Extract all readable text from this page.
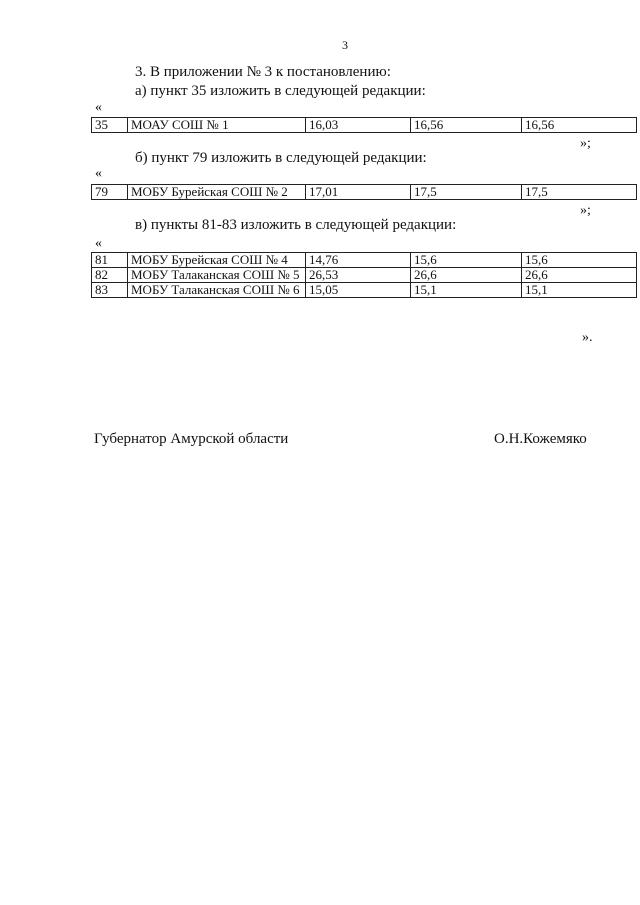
3
3. В приложении № 3 к постановлению:
а) пункт 35 изложить в следующей редакции:
«
35	МОАУ СОШ № 1	16,03	16,56	16,56
»;
б) пункт 79 изложить в следующей редакции:
«
79	МОБУ Бурейская СОШ № 2	17,01	17,5	17,5
»;
в) пункты 81-83 изложить в следующей редакции:
«
81	МОБУ Бурейская СОШ № 4	14,76	15,6	15,6
82	МОБУ Талаканская СОШ № 5	26,53	26,6	26,6
83	МОБУ Талаканская СОШ № 6	15,05	15,1	15,1
».
Губернатор Амурской области	О.Н.Кожемяко
